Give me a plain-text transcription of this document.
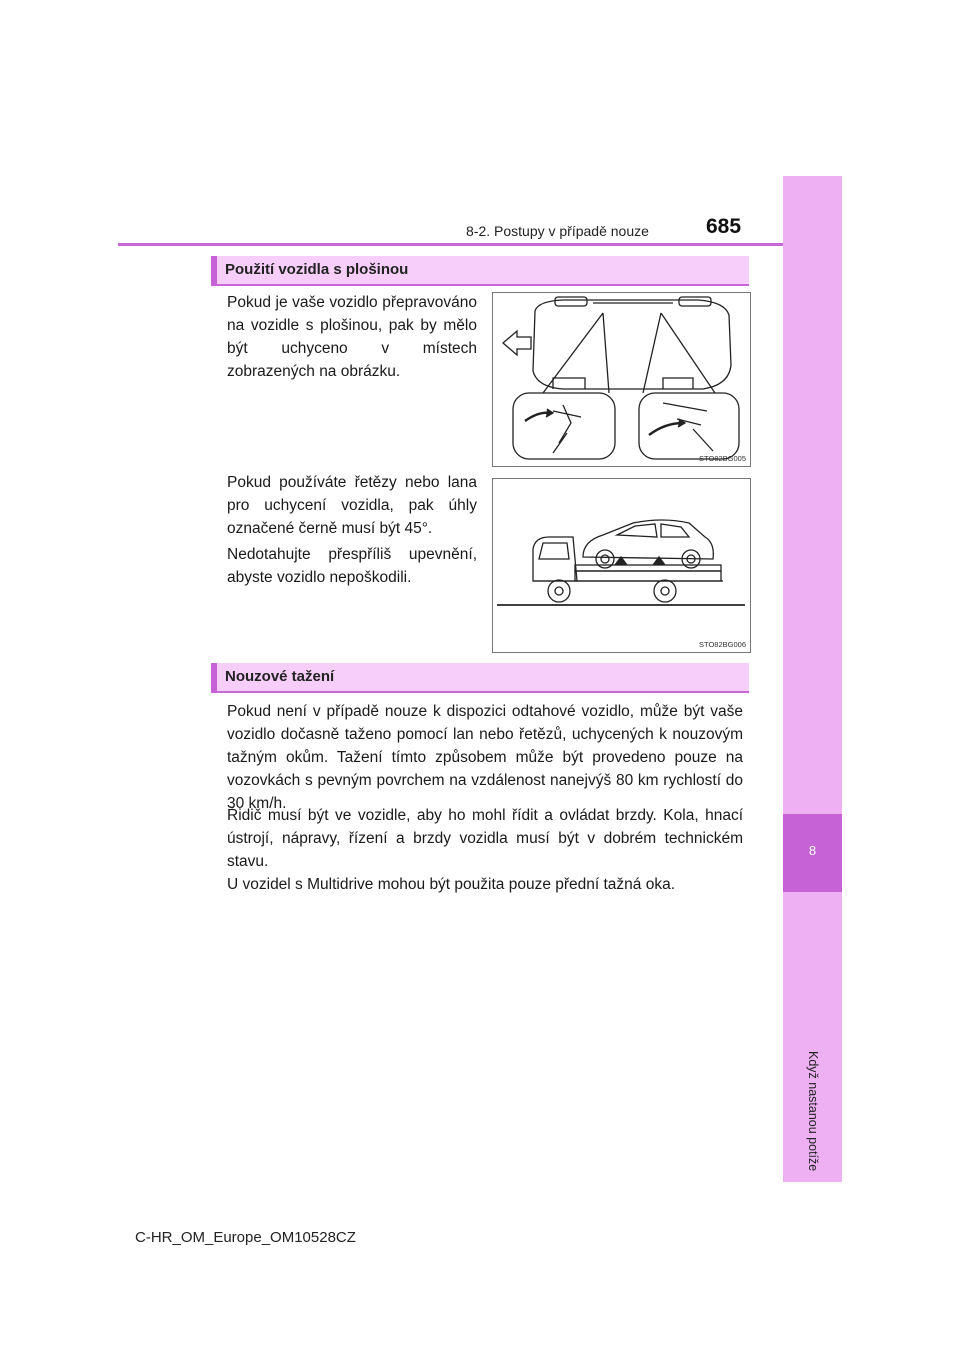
8
Když nastanou potíže
8-2. Postupy v případě nouze	685
Použití vozidla s plošinou

Pokud je vaše vozidlo přepravováno na vozidle s plošinou, pak by mělo být uchyceno v místech zobrazených na obrázku.

Pokud používáte řetězy nebo lana pro uchycení vozidla, pak úhly označené černě musí být 45°.

Nedotahujte přespříliš upevnění, abyste vozidlo nepoškodili.

STO82BG005
STO82BG006
Nouzové tažení

Pokud není v případě nouze k dispozici odtahové vozidlo, může být vaše vozidlo dočasně taženo pomocí lan nebo řetězů, uchycených k nouzovým tažným okům. Tažení tímto způsobem může být provedeno pouze na vozovkách s pevným povrchem na vzdálenost nanejvýš 80 km rychlostí do 30 km/h.

Řidič musí být ve vozidle, aby ho mohl řídit a ovládat brzdy. Kola, hnací ústrojí, nápravy, řízení a brzdy vozidla musí být v dobrém technickém stavu.

U vozidel s Multidrive mohou být použita pouze přední tažná oka.

C-HR_OM_Europe_OM10528CZ
